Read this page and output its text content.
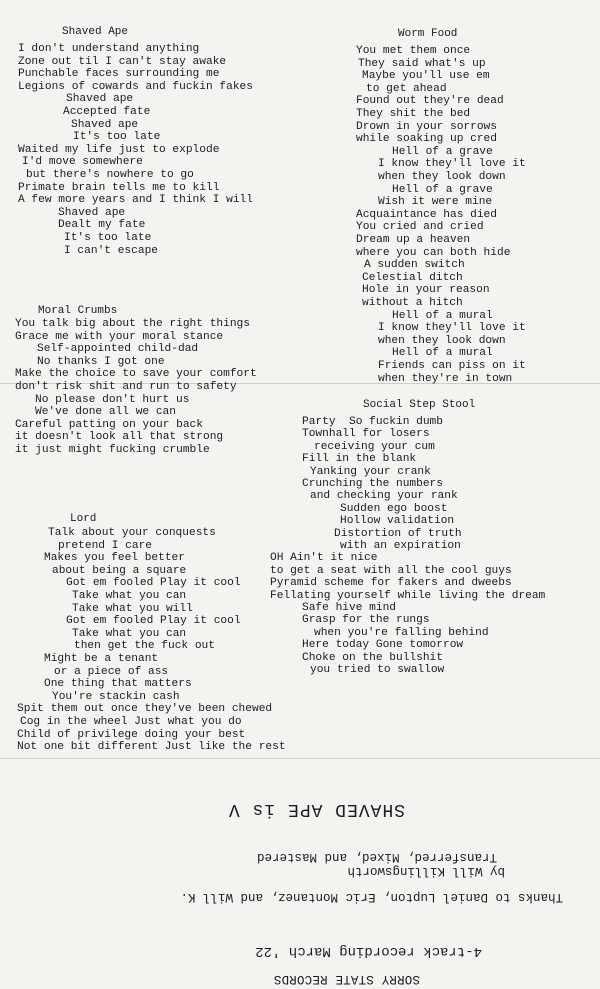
Shaved Ape
I don't understand anything
Zone out til I can't stay awake
Punchable faces surrounding me
Legions of cowards and fuckin fakes
Shaved ape
Accepted fate
Shaved ape
It's too late
Waited my life just to explode
I'd move somewhere
but there's nowhere to go
Primate brain tells me to kill
A few more years and I think I will
Shaved ape
Dealt my fate
It's too late
I can't escape
Moral Crumbs
You talk big about the right things
Grace me with your moral stance
Self-appointed child-dad
No thanks I got one
Make the choice to save your comfort
don't risk shit and run to safety
No please don't hurt us
We've done all we can
Careful patting on your back
it doesn't look all that strong
it just might fucking crumble
Lord
Talk about your conquests
pretend I care
Makes you feel better
about being a square
Got em fooled Play it cool
Take what you can
Take what you will
Got em fooled Play it cool
Take what you can
then get the fuck out
Might be a tenant
or a piece of ass
One thing that matters
You're stackin cash
Spit them out once they've been chewed
Cog in the wheel Just what you do
Child of privilege doing your best
Not one bit different Just like the rest
Worm Food
You met them once
They said what's up
Maybe you'll use em
to get ahead
Found out they're dead
They shit the bed
Drown in your sorrows
while soaking up cred
Hell of a grave
I know they'll love it
when they look down
Hell of a grave
Wish it were mine
Acquaintance has died
You cried and cried
Dream up a heaven
where you can both hide
A sudden switch
Celestial ditch
Hole in your reason
without a hitch
Hell of a mural
I know they'll love it
when they look down
Hell of a mural
Friends can piss on it
when they're in town
Social Step Stool
Party  So fuckin dumb
Townhall for losers
receiving your cum
Fill in the blank
Yanking your crank
Crunching the numbers
and checking your rank
Sudden ego boost
Hollow validation
Distortion of truth
with an expiration
OH Ain't it nice
to get a seat with all the cool guys
Pyramid scheme for fakers and dweebs
Fellating yourself while living the dream
Safe hive mind
Grasp for the rungs
when you're falling behind
Here today Gone tomorrow
Choke on the bullshit
you tried to swallow
SORRY STATE RECORDS
4-track recording March '22
Thanks to Daniel Lupton, Eric Montanez, and Will K.
Transferred, Mixed, and Mastered
by Will Killingsworth
SHAVED APE is V
